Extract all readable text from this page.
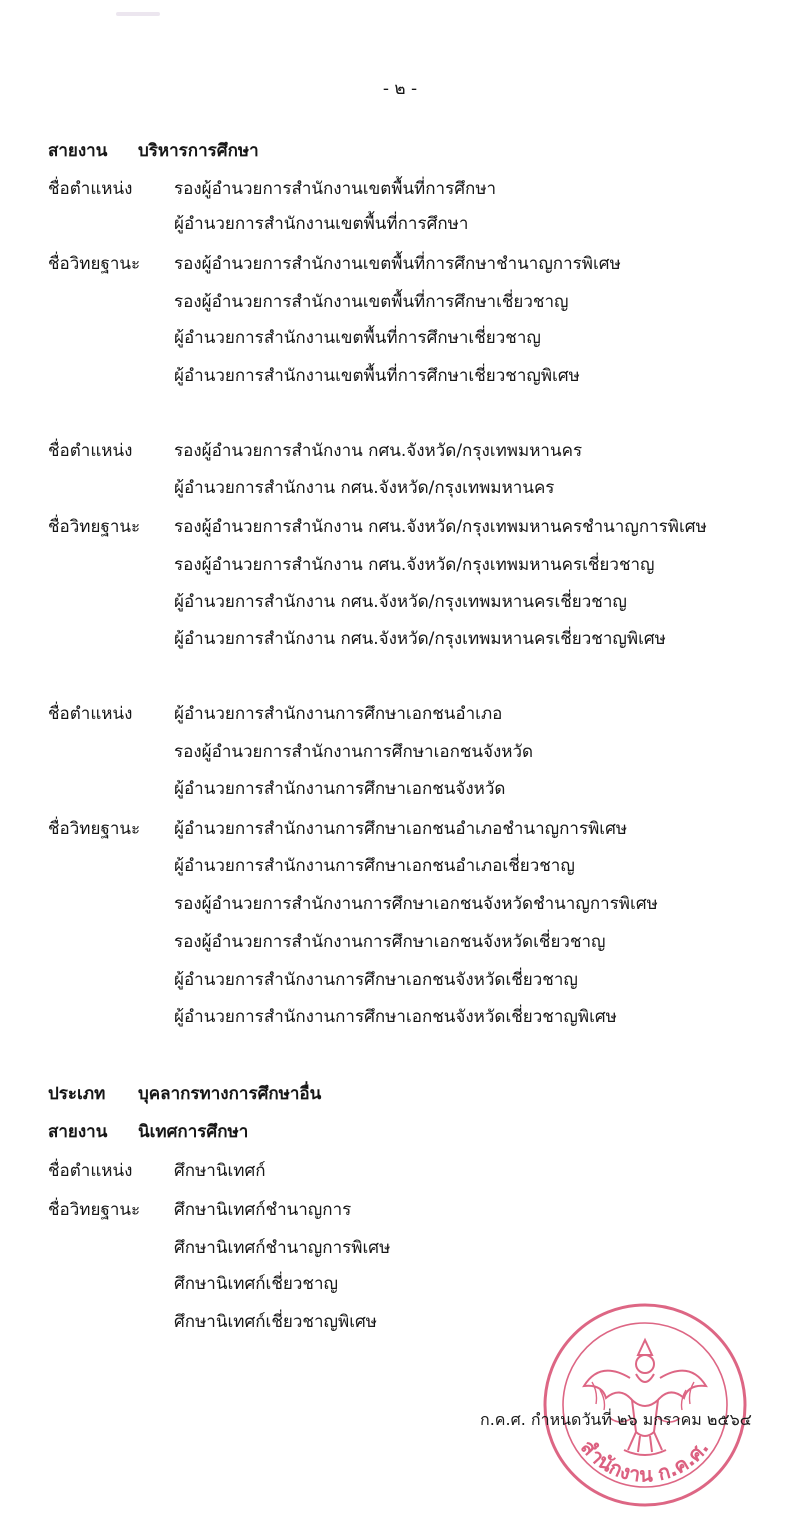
- ๒ -
สายงาน บริหารการศึกษา
ชื่อตำแหน่ง รองผู้อำนวยการสำนักงานเขตพื้นที่การศึกษา
ผู้อำนวยการสำนักงานเขตพื้นที่การศึกษา
ชื่อวิทยฐานะ รองผู้อำนวยการสำนักงานเขตพื้นที่การศึกษาชำนาญการพิเศษ
รองผู้อำนวยการสำนักงานเขตพื้นที่การศึกษาเชี่ยวชาญ
ผู้อำนวยการสำนักงานเขตพื้นที่การศึกษาเชี่ยวชาญ
ผู้อำนวยการสำนักงานเขตพื้นที่การศึกษาเชี่ยวชาญพิเศษ
ชื่อตำแหน่ง รองผู้อำนวยการสำนักงาน กศน.จังหวัด/กรุงเทพมหานคร
ผู้อำนวยการสำนักงาน กศน.จังหวัด/กรุงเทพมหานคร
ชื่อวิทยฐานะ รองผู้อำนวยการสำนักงาน กศน.จังหวัด/กรุงเทพมหานครชำนาญการพิเศษ
รองผู้อำนวยการสำนักงาน กศน.จังหวัด/กรุงเทพมหานครเชี่ยวชาญ
ผู้อำนวยการสำนักงาน กศน.จังหวัด/กรุงเทพมหานครเชี่ยวชาญ
ผู้อำนวยการสำนักงาน กศน.จังหวัด/กรุงเทพมหานครเชี่ยวชาญพิเศษ
ชื่อตำแหน่ง ผู้อำนวยการสำนักงานการศึกษาเอกชนอำเภอ
รองผู้อำนวยการสำนักงานการศึกษาเอกชนจังหวัด
ผู้อำนวยการสำนักงานการศึกษาเอกชนจังหวัด
ชื่อวิทยฐานะ ผู้อำนวยการสำนักงานการศึกษาเอกชนอำเภอชำนาญการพิเศษ
ผู้อำนวยการสำนักงานการศึกษาเอกชนอำเภอเชี่ยวชาญ
รองผู้อำนวยการสำนักงานการศึกษาเอกชนจังหวัดชำนาญการพิเศษ
รองผู้อำนวยการสำนักงานการศึกษาเอกชนจังหวัดเชี่ยวชาญ
ผู้อำนวยการสำนักงานการศึกษาเอกชนจังหวัดเชี่ยวชาญ
ผู้อำนวยการสำนักงานการศึกษาเอกชนจังหวัดเชี่ยวชาญพิเศษ
ประเภท บุคลากรทางการศึกษาอื่น
สายงาน นิเทศการศึกษา
ชื่อตำแหน่ง ศึกษานิเทศก์
ชื่อวิทยฐานะ ศึกษานิเทศก์ชำนาญการ
ศึกษานิเทศก์ชำนาญการพิเศษ
ศึกษานิเทศก์เชี่ยวชาญ
ศึกษานิเทศก์เชี่ยวชาญพิเศษ
สำนักงาน ก.ค.ศ.
ก.ค.ศ. กำหนดวันที่ ๒๖ มกราคม ๒๕๖๔
